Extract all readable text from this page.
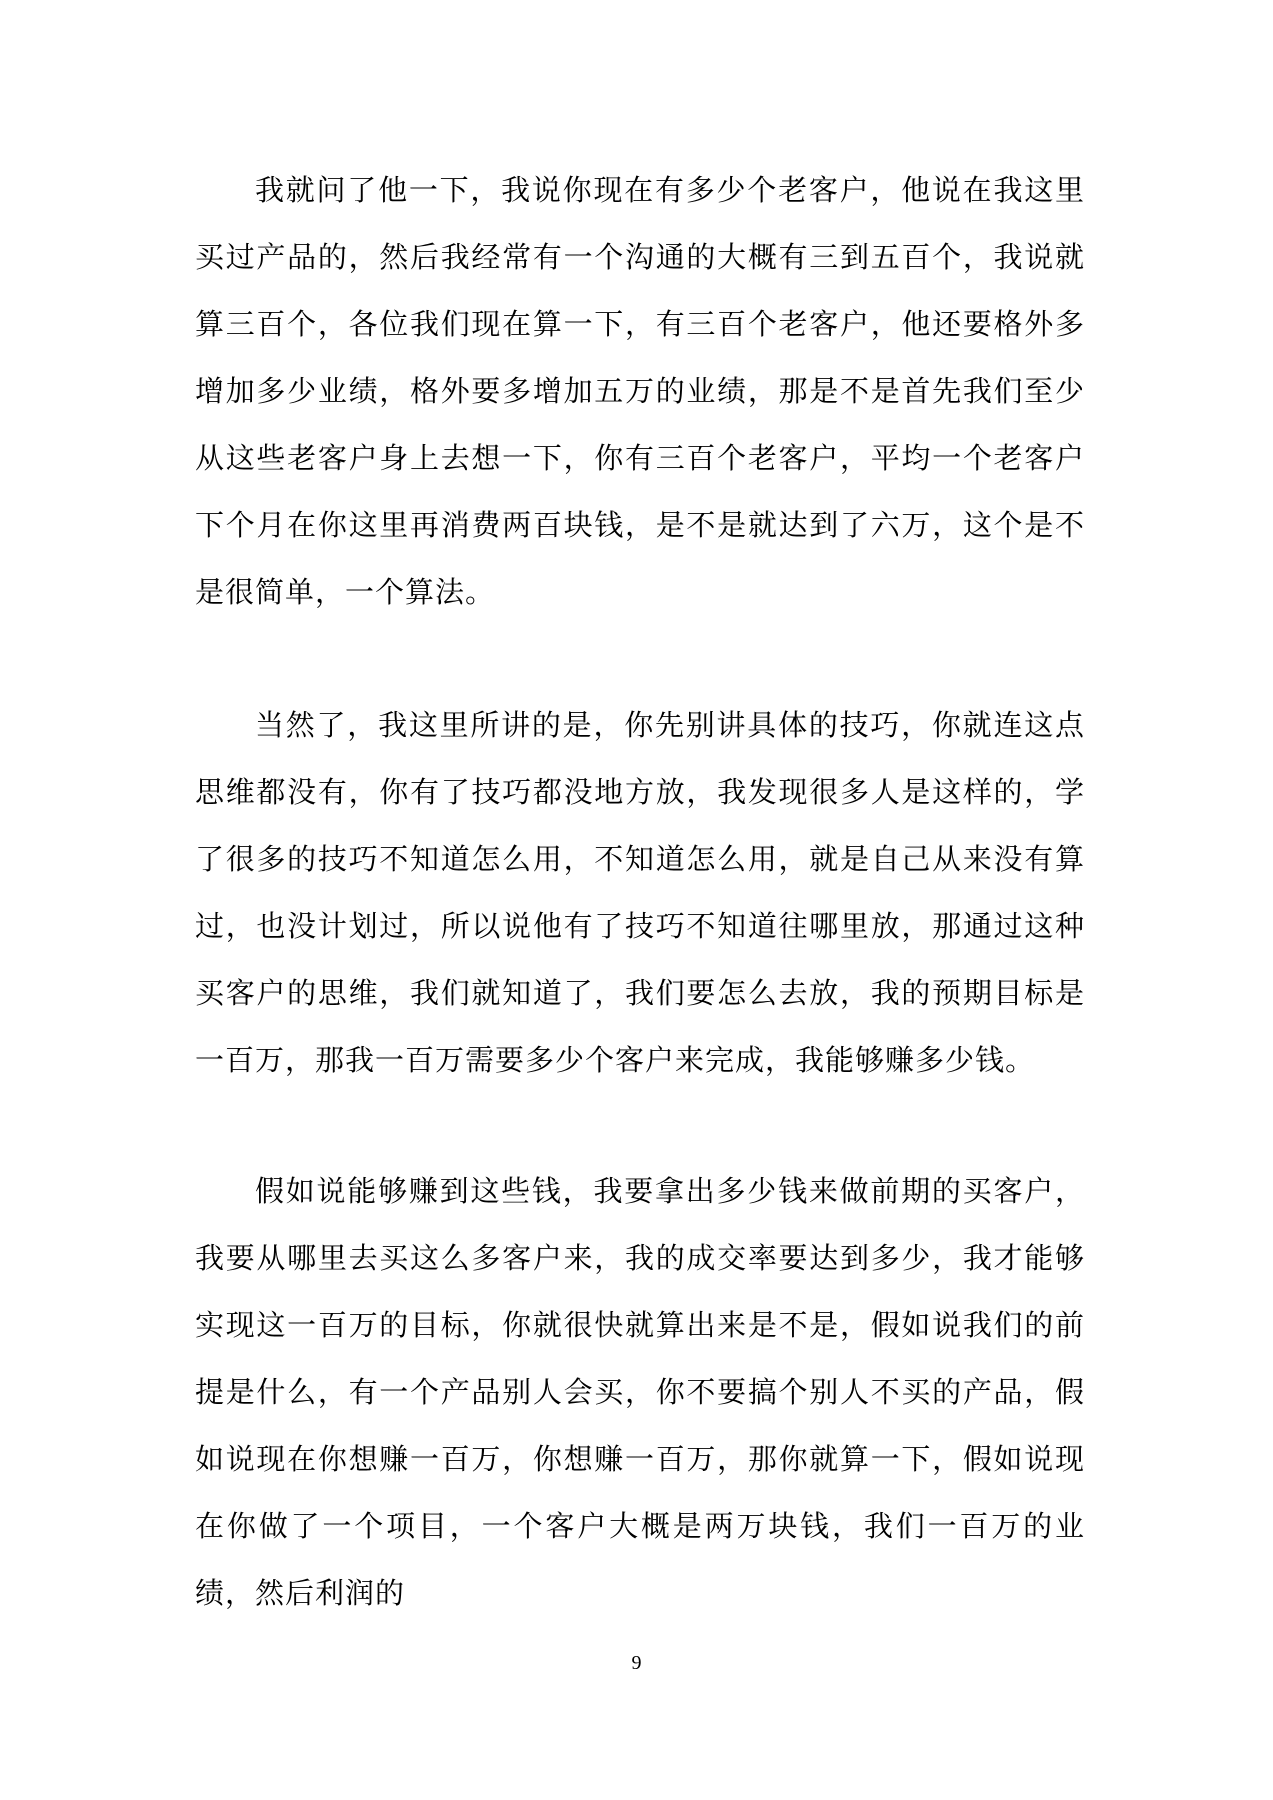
我就问了他一下，我说你现在有多少个老客户，他说在我这里买过产品的，然后我经常有一个沟通的大概有三到五百个，我说就算三百个，各位我们现在算一下，有三百个老客户，他还要格外多增加多少业绩，格外要多增加五万的业绩，那是不是首先我们至少从这些老客户身上去想一下，你有三百个老客户，平均一个老客户下个月在你这里再消费两百块钱，是不是就达到了六万，这个是不是很简单，一个算法。

当然了，我这里所讲的是，你先别讲具体的技巧，你就连这点思维都没有，你有了技巧都没地方放，我发现很多人是这样的，学了很多的技巧不知道怎么用，不知道怎么用，就是自己从来没有算过，也没计划过，所以说他有了技巧不知道往哪里放，那通过这种买客户的思维，我们就知道了，我们要怎么去放，我的预期目标是一百万，那我一百万需要多少个客户来完成，我能够赚多少钱。

假如说能够赚到这些钱，我要拿出多少钱来做前期的买客户，我要从哪里去买这么多客户来，我的成交率要达到多少，我才能够实现这一百万的目标，你就很快就算出来是不是，假如说我们的前提是什么，有一个产品别人会买，你不要搞个别人不买的产品，假如说现在你想赚一百万，你想赚一百万，那你就算一下，假如说现在你做了一个项目，一个客户大概是两万块钱，我们一百万的业绩，然后利润的

9
